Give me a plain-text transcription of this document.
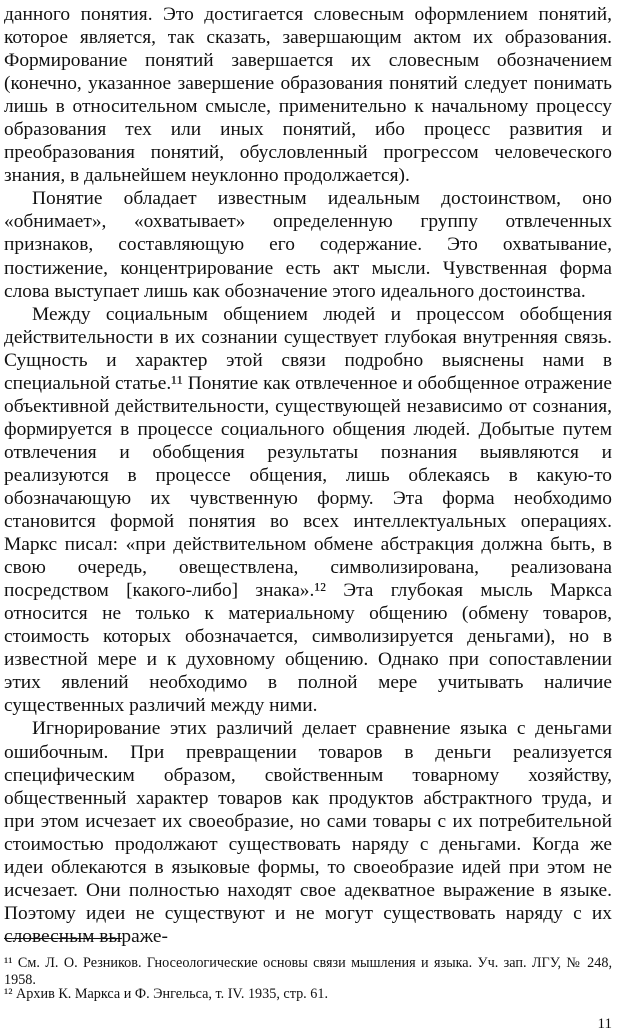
данного понятия. Это достигается словесным оформлением понятий, которое является, так сказать, завершающим актом их образования. Формирование понятий завершается их словесным обозначением (конечно, указанное завершение образования понятий следует понимать лишь в относительном смысле, применительно к начальному процессу образования тех или иных понятий, ибо процесс развития и преобразования понятий, обусловленный прогрессом человеческого знания, в дальнейшем неуклонно продолжается).

Понятие обладает известным идеальным достоинством, оно «обнимает», «охватывает» определенную группу отвлеченных признаков, составляющую его содержание. Это охватывание, постижение, концентрирование есть акт мысли. Чувственная форма слова выступает лишь как обозначение этого идеального достоинства.

Между социальным общением людей и процессом обобщения действительности в их сознании существует глубокая внутренняя связь. Сущность и характер этой связи подробно выяснены нами в специальной статье.¹¹ Понятие как отвлеченное и обобщенное отражение объективной действительности, существующей независимо от сознания, формируется в процессе социального общения людей. Добытые путем отвлечения и обобщения результаты познания выявляются и реализуются в процессе общения, лишь облекаясь в какую-то обозначающую их чувственную форму. Эта форма необходимо становится формой понятия во всех интеллектуальных операциях. Маркс писал: «при действительном обмене абстракция должна быть, в свою очередь, овеществлена, символизирована, реализована посредством [какого-либо] знака».¹² Эта глубокая мысль Маркса относится не только к материальному общению (обмену товаров, стоимость которых обозначается, символизируется деньгами), но в известной мере и к духовному общению. Однако при сопоставлении этих явлений необходимо в полной мере учитывать наличие существенных различий между ними.

Игнорирование этих различий делает сравнение языка с деньгами ошибочным. При превращении товаров в деньги реализуется специфическим образом, свойственным товарному хозяйству, общественный характер товаров как продуктов абстрактного труда, и при этом исчезает их своеобразие, но сами товары с их потребительной стоимостью продолжают существовать наряду с деньгами. Когда же идеи облекаются в языковые формы, то своеобразие идей при этом не исчезает. Они полностью находят свое адекватное выражение в языке. Поэтому идеи не существуют и не могут существовать наряду с их словесным выраже-

¹¹ См. Л. О. Резников. Гносеологические основы связи мышления и языка. Уч. зап. ЛГУ, № 248, 1958.
¹² Архив К. Маркса и Ф. Энгельса, т. IV. 1935, стр. 61.
11
